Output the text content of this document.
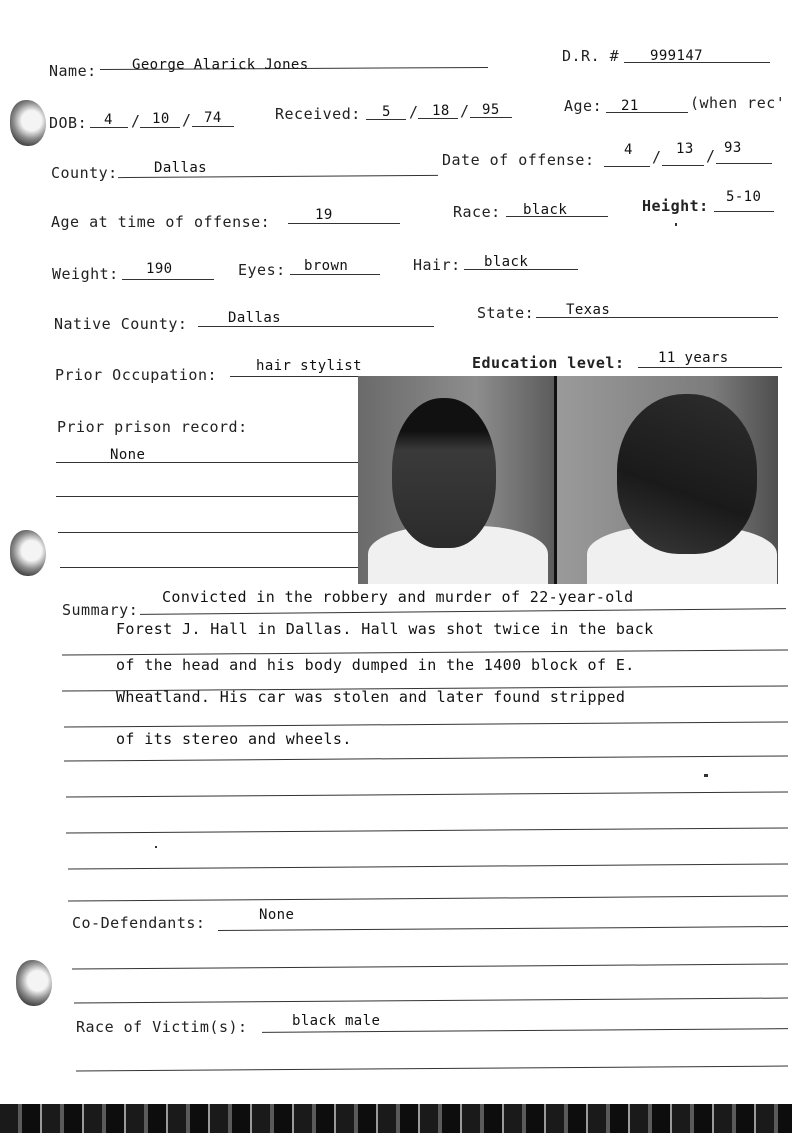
Name:	George Alarick Jones	D.R. # 999147
DOB: 4 / 10 / 74	Received: 5 / 18 / 95	Age: 21	(when rec'
County:	Dallas	Date of offense:
4 / 13 / 93
Age at time of offense:	19	Race: black	Height: 5-10
Weight: 190	Eyes: brown	Hair: black
Native County:	Dallas	State: Texas
Prior Occupation:	hair stylist	Education level: 11 years
Prior prison record:
None
Summary:
Convicted in the robbery and murder of 22-year-old
Forest J. Hall in Dallas. Hall was shot twice in the back
of the head and his body dumped in the 1400 block of E.
Wheatland. His car was stolen and later found stripped
of its stereo and wheels.
Co-Defendants:	None
Race of Victim(s):	black male
